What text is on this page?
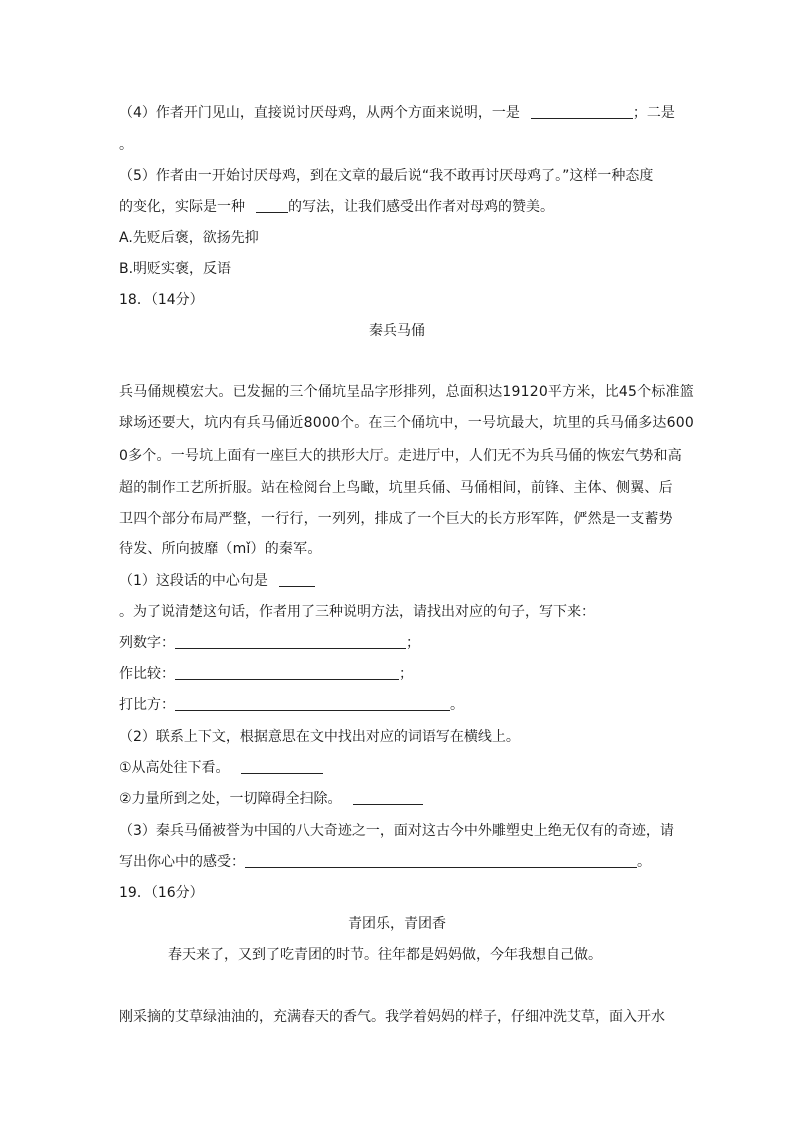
（4）作者开门见山，直接说讨厌母鸡，从两个方面来说明，一是	；二是
。
（5）作者由一开始讨厌母鸡，到在文章的最后说“我不敢再讨厌母鸡了。”这样一种态度
的变化，实际是一种	的写法，让我们感受出作者对母鸡的赞美。
A.先贬后褒，欲扬先抑
B.明贬实褒，反语
18．（14分）
秦兵马俑
兵马俑规模宏大。已发掘的三个俑坑呈品字形排列，总面积达19120平方米，比45个标准篮
球场还要大，坑内有兵马俑近8000个。在三个俑坑中，一号坑最大，坑里的兵马俑多达600
0多个。一号坑上面有一座巨大的拱形大厅。走进厅中，人们无不为兵马俑的恢宏气势和高
超的制作工艺所折服。站在检阅台上鸟瞰，坑里兵俑、马俑相间，前锋、主体、侧翼、后
卫四个部分布局严整，一行行，一列列，排成了一个巨大的长方形军阵，俨然是一支蓄势
待发、所向披靡（mǐ）的秦军。
（1）这段话的中心句是
。为了说清楚这句话，作者用了三种说明方法，请找出对应的句子，写下来：
列数字：	；
作比较：	；
打比方：	。
（2）联系上下文，根据意思在文中找出对应的词语写在横线上。
①从高处往下看。
②力量所到之处，一切障碍全扫除。
（3）秦兵马俑被誉为中国的八大奇迹之一，面对这古今中外雕塑史上绝无仅有的奇迹，请
写出你心中的感受：	。
19．（16分）
青团乐，青团香
春天来了，又到了吃青团的时节。往年都是妈妈做，今年我想自己做。
刚采摘的艾草绿油油的，充满春天的香气。我学着妈妈的样子，仔细冲洗艾草，面入开水
